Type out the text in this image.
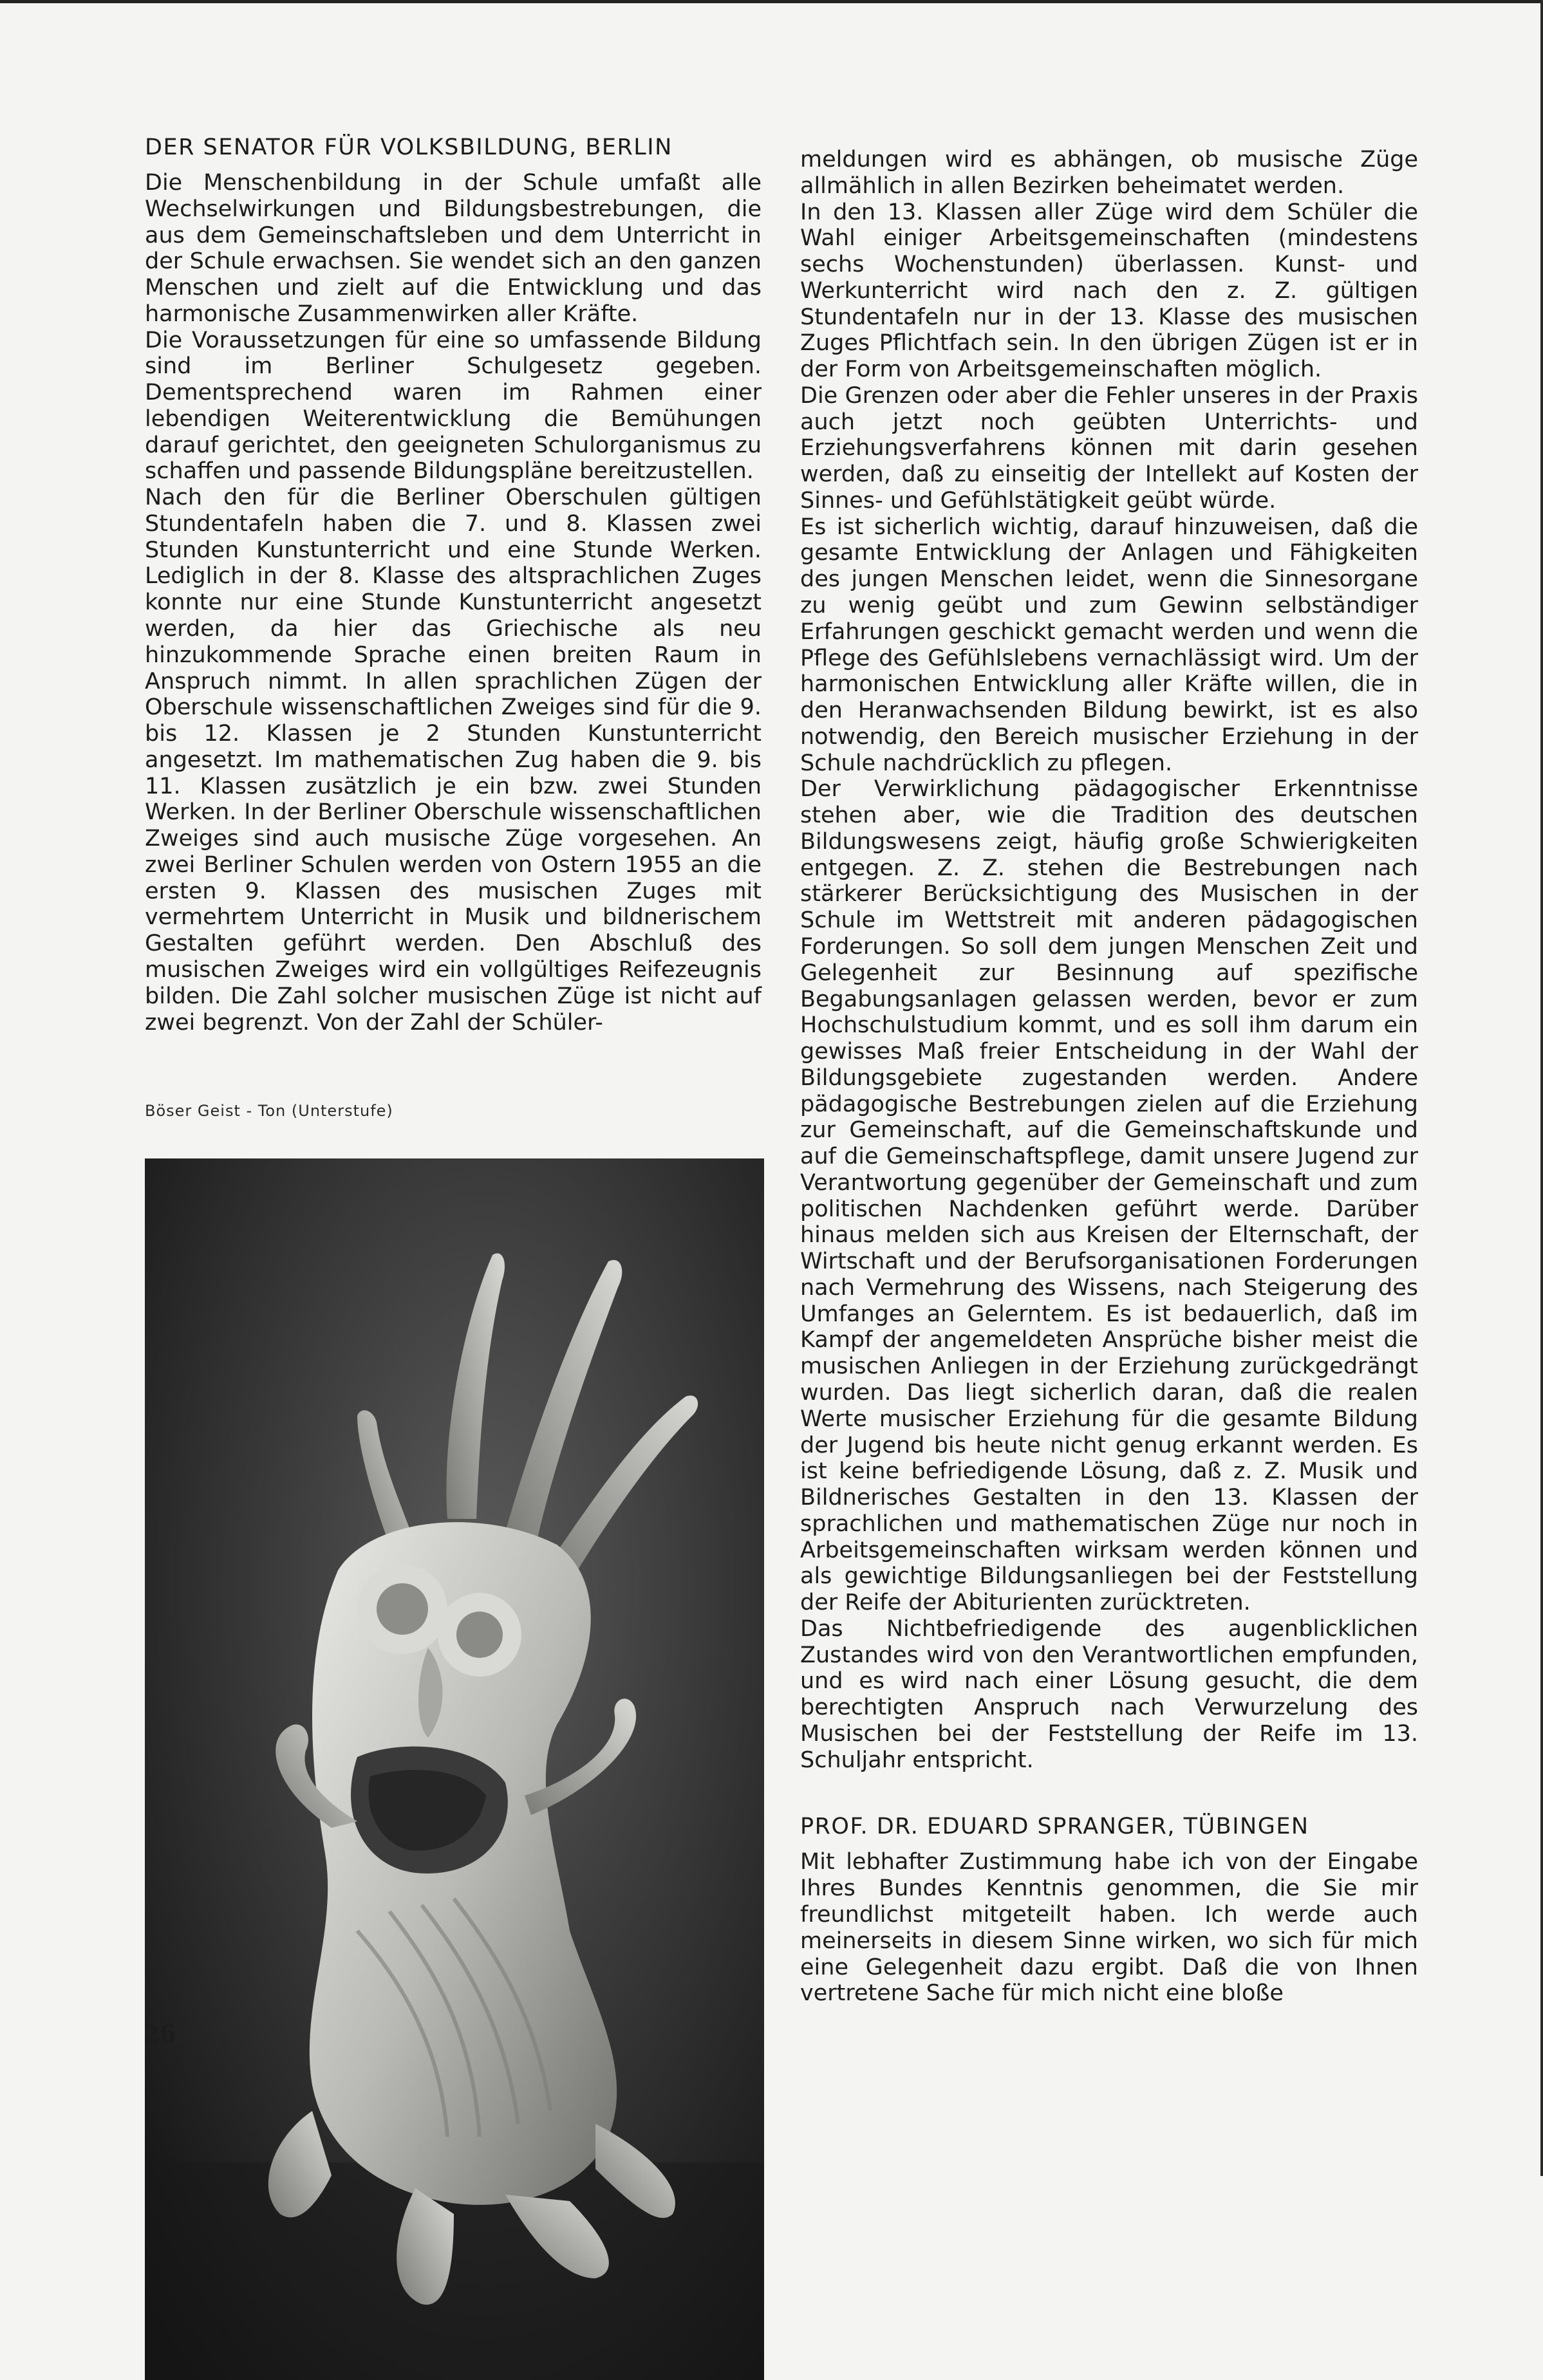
DER SENATOR FÜR VOLKSBILDUNG, BERLIN

Die Menschenbildung in der Schule umfaßt alle Wechselwirkungen und Bildungsbestrebungen, die aus dem Gemeinschaftsleben und dem Unterricht in der Schule erwachsen. Sie wendet sich an den ganzen Menschen und zielt auf die Entwicklung und das harmonische Zusammenwirken aller Kräfte.

Die Voraussetzungen für eine so umfassende Bildung sind im Berliner Schulgesetz gegeben. Dementsprechend waren im Rahmen einer lebendigen Weiterentwicklung die Bemühungen darauf gerichtet, den geeigneten Schulorganismus zu schaffen und passende Bildungspläne bereitzustellen.

Nach den für die Berliner Oberschulen gültigen Stundentafeln haben die 7. und 8. Klassen zwei Stunden Kunstunterricht und eine Stunde Werken. Lediglich in der 8. Klasse des altsprachlichen Zuges konnte nur eine Stunde Kunstunterricht angesetzt werden, da hier das Griechische als neu hinzukommende Sprache einen breiten Raum in Anspruch nimmt. In allen sprachlichen Zügen der Oberschule wissenschaftlichen Zweiges sind für die 9. bis 12. Klassen je 2 Stunden Kunstunterricht angesetzt. Im mathematischen Zug haben die 9. bis 11. Klassen zusätzlich je ein bzw. zwei Stunden Werken. In der Berliner Oberschule wissenschaftlichen Zweiges sind auch musische Züge vorgesehen. An zwei Berliner Schulen werden von Ostern 1955 an die ersten 9. Klassen des musischen Zuges mit vermehrtem Unterricht in Musik und bildnerischem Gestalten geführt werden. Den Abschluß des musischen Zweiges wird ein vollgültiges Reifezeugnis bilden. Die Zahl solcher musischen Züge ist nicht auf zwei begrenzt. Von der Zahl der Schüler-

Böser Geist - Ton (Unterstufe)

meldungen wird es abhängen, ob musische Züge allmählich in allen Bezirken beheimatet werden.

In den 13. Klassen aller Züge wird dem Schüler die Wahl einiger Arbeitsgemeinschaften (mindestens sechs Wochenstunden) überlassen. Kunst- und Werkunterricht wird nach den z. Z. gültigen Stundentafeln nur in der 13. Klasse des musischen Zuges Pflichtfach sein. In den übrigen Zügen ist er in der Form von Arbeitsgemeinschaften möglich.

Die Grenzen oder aber die Fehler unseres in der Praxis auch jetzt noch geübten Unterrichts- und Erziehungsverfahrens können mit darin gesehen werden, daß zu einseitig der Intellekt auf Kosten der Sinnes- und Gefühlstätigkeit geübt würde.

Es ist sicherlich wichtig, darauf hinzuweisen, daß die gesamte Entwicklung der Anlagen und Fähigkeiten des jungen Menschen leidet, wenn die Sinnesorgane zu wenig geübt und zum Gewinn selbständiger Erfahrungen geschickt gemacht werden und wenn die Pflege des Gefühlslebens vernachlässigt wird. Um der harmonischen Entwicklung aller Kräfte willen, die in den Heranwachsenden Bildung bewirkt, ist es also notwendig, den Bereich musischer Erziehung in der Schule nachdrücklich zu pflegen.

Der Verwirklichung pädagogischer Erkenntnisse stehen aber, wie die Tradition des deutschen Bildungswesens zeigt, häufig große Schwierigkeiten entgegen. Z. Z. stehen die Bestrebungen nach stärkerer Berücksichtigung des Musischen in der Schule im Wettstreit mit anderen pädagogischen Forderungen. So soll dem jungen Menschen Zeit und Gelegenheit zur Besinnung auf spezifische Begabungsanlagen gelassen werden, bevor er zum Hochschulstudium kommt, und es soll ihm darum ein gewisses Maß freier Entscheidung in der Wahl der Bildungsgebiete zugestanden werden. Andere pädagogische Bestrebungen zielen auf die Erziehung zur Gemeinschaft, auf die Gemeinschaftskunde und auf die Gemeinschaftspflege, damit unsere Jugend zur Verantwortung gegenüber der Gemeinschaft und zum politischen Nachdenken geführt werde. Darüber hinaus melden sich aus Kreisen der Elternschaft, der Wirtschaft und der Berufsorganisationen Forderungen nach Vermehrung des Wissens, nach Steigerung des Umfanges an Gelerntem. Es ist bedauerlich, daß im Kampf der angemeldeten Ansprüche bisher meist die musischen Anliegen in der Erziehung zurückgedrängt wurden. Das liegt sicherlich daran, daß die realen Werte musischer Erziehung für die gesamte Bildung der Jugend bis heute nicht genug erkannt werden. Es ist keine befriedigende Lösung, daß z. Z. Musik und Bildnerisches Gestalten in den 13. Klassen der sprachlichen und mathematischen Züge nur noch in Arbeitsgemeinschaften wirksam werden können und als gewichtige Bildungsanliegen bei der Feststellung der Reife der Abiturienten zurücktreten.

Das Nichtbefriedigende des augenblicklichen Zustandes wird von den Verantwortlichen empfunden, und es wird nach einer Lösung gesucht, die dem berechtigten Anspruch nach Verwurzelung des Musischen bei der Feststellung der Reife im 13. Schuljahr entspricht.

PROF. DR. EDUARD SPRANGER, TÜBINGEN

Mit lebhafter Zustimmung habe ich von der Eingabe Ihres Bundes Kenntnis genommen, die Sie mir freundlichst mitgeteilt haben. Ich werde auch meinerseits in diesem Sinne wirken, wo sich für mich eine Gelegenheit dazu ergibt. Daß die von Ihnen vertretene Sache für mich nicht eine bloße

26
